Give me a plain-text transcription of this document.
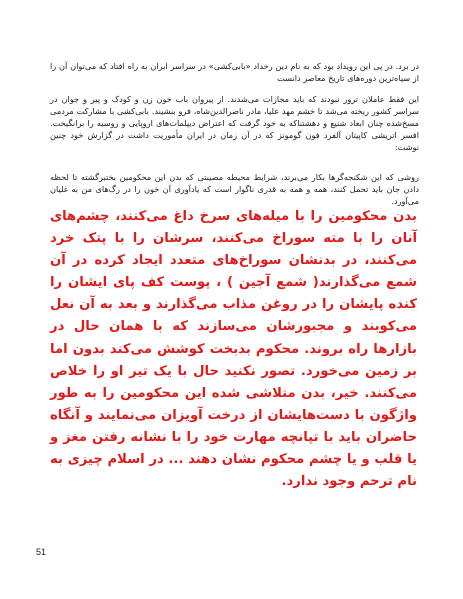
در برد. در پی این رویداد بود که به نام دین رخداد «بابی‌کشی» در سراسر ایران به راه افتاد که می‌توان آن را از سیاه‌ترین دوره‌های تاریخ معاصر دانست
این فقط عاملان ترور نبودند که باید مجازات می‌شدند. از پیروان باب خون زن و کودک و پیر و جوان در سراسر کشور ریخته می‌شد تا خشم مهد علیا، مادر ناصرالدین‌شاه، فرو بنشیند. بابی‌کشی با مشارکت مردمی مسخ‌شده چنان ابعاد شنیع و دهشتناکه به خود گرفت که اعتراض دیپلمات‌های اروپایی و روسیه را برانگیخت. افسر اتریشی کاپیتان آلفرد فون گومونز که در آن زمان در ایران مأموریت داشت در گزارش خود چنین نوشت:
روشی که این شکنجه‌گرها بکار می‌برند، شرایط محیطه مصیبتی که بدن این محکومین بختبرگشته تا لحظه دادن جان باید تحمل کنند، همه و همه به قدری ناگوار است که یادآوری آن خون را در رگ‌های من به غلیان می‌آورد.
بدن محکومین را با میله‌های سرخ داغ می‌کنند، چشم‌های آنان را با مته سوراخ می‌کنند، سرشان را با پتک خرد می‌کنند، در بدنشان سوراخ‌های متعدد ایجاد کرده در آن شمع می‌گذارند( شمع آجین ) ، پوست کف پای ایشان را کنده پایشان را در روغن مذاب می‌گذارند و بعد به آن نعل می‌کوبند و مجبورشان می‌سازند که با همان حال در بازارها راه بروند. محکوم بدبخت کوشش می‌کند بدون اما بر زمین می‌خورد. تصور نکنید حال با یک تیر او را خلاص می‌کنند. خیر، بدن متلاشی شده این محکومین را به طور واژگون با دست‌هایشان از درخت آویزان می‌نمایند و آنگاه حاضران باید با تپانچه مهارت خود را با نشانه رفتن مغز و یا قلب و یا چشم محکوم نشان دهند ... در اسلام چیزی به نام ترحم وجود ندارد.
51
